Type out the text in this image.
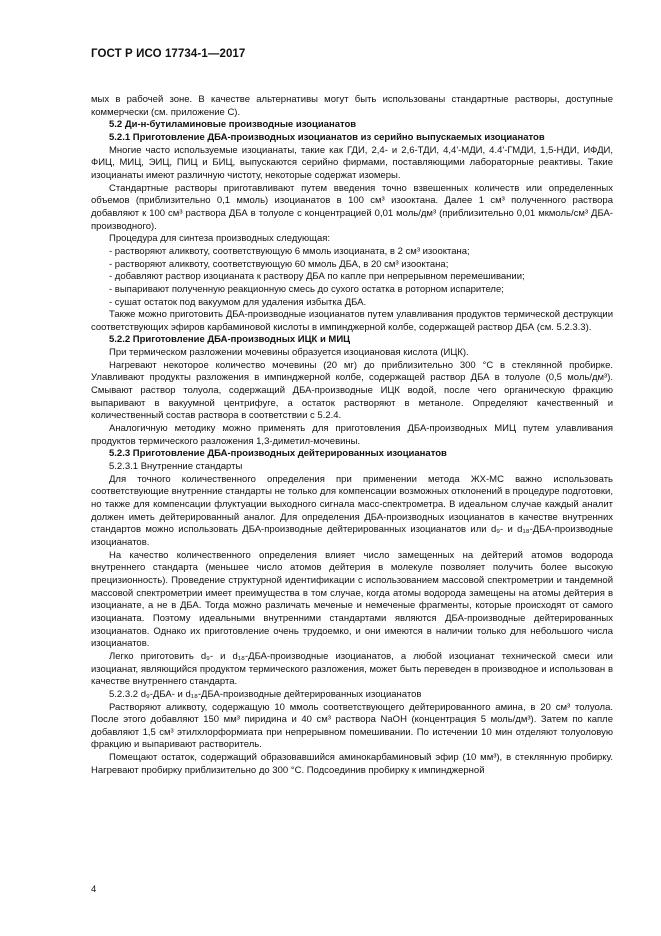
ГОСТ Р ИСО 17734-1—2017

мых в рабочей зоне. В качестве альтернативы могут быть использованы стандартные растворы, доступные коммерчески (см. приложение С).

5.2 Ди-н-бутиламиновые производные изоцианатов

5.2.1 Приготовление ДБА-производных изоцианатов из серийно выпускаемых изоцианатов

Многие часто используемые изоцианаты, такие как ГДИ, 2,4- и 2,6-ТДИ, 4,4'-МДИ, 4.4'-ГМДИ, 1,5-НДИ, ИФДИ, ФИЦ, МИЦ, ЭИЦ, ПИЦ и БИЦ, выпускаются серийно фирмами, поставляющими лабораторные реактивы. Такие изоцианаты имеют различную чистоту, некоторые содержат изомеры.

Стандартные растворы приготавливают путем введения точно взвешенных количеств или определенных объемов (приблизительно 0,1 ммоль) изоцианатов в 100 см³ изооктана. Далее 1 см³ полученного раствора добавляют к 100 см³ раствора ДБА в толуоле с концентрацией 0,01 моль/дм³ (приблизительно 0,01 мкмоль/см³ ДБА-производного).

Процедура для синтеза производных следующая:

- растворяют аликвоту, соответствующую 6 ммоль изоцианата, в 2 см³ изооктана;

- растворяют аликвоту, соответствующую 60 ммоль ДБА, в 20 см³ изооктана;

- добавляют раствор изоцианата к раствору ДБА по капле при непрерывном перемешивании;

- выпаривают полученную реакционную смесь до сухого остатка в роторном испарителе;

- сушат остаток под вакуумом для удаления избытка ДБА.

Также можно приготовить ДБА-производные изоцианатов путем улавливания продуктов термической деструкции соответствующих эфиров карбаминовой кислоты в импинджерной колбе, содержащей раствор ДБА (см. 5.2.3.3).

5.2.2 Приготовление ДБА-производных ИЦК и МИЦ

При термическом разложении мочевины образуется изоциановая кислота (ИЦК).

Нагревают некоторое количество мочевины (20 мг) до приблизительно 300 °С в стеклянной пробирке. Улавливают продукты разложения в импинджерной колбе, содержащей раствор ДБА в толуоле (0,5 моль/дм³). Смывают раствор толуола, содержащий ДБА-производные ИЦК водой, после чего органическую фракцию выпаривают в вакуумной центрифуге, а остаток растворяют в метаноле. Определяют качественный и количественный состав раствора в соответствии с 5.2.4.

Аналогичную методику можно применять для приготовления ДБА-производных МИЦ путем улавливания продуктов термического разложения 1,3-диметил-мочевины.

5.2.3 Приготовление ДБА-производных дейтерированных изоцианатов

5.2.3.1 Внутренние стандарты

Для точного количественного определения при применении метода ЖХ-МС важно использовать соответствующие внутренние стандарты не только для компенсации возможных отклонений в процедуре подготовки, но также для компенсации флуктуации выходного сигнала масс-спектрометра. В идеальном случае каждый аналит должен иметь дейтерированный аналог. Для определения ДБА-производных изоцианатов в качестве внутренних стандартов можно использовать ДБА-производные дейтерированных изоцианатов или d₉- и d₁₈-ДБА-производные изоцианатов.

На качество количественного определения влияет число замещенных на дейтерий атомов водорода внутреннего стандарта (меньшее число атомов дейтерия в молекуле позволяет получить более высокую прецизионность). Проведение структурной идентификации с использованием массовой спектрометрии и тандемной массовой спектрометрии имеет преимущества в том случае, когда атомы водорода замещены на атомы дейтерия в изоцианате, а не в ДБА. Тогда можно различать меченые и немеченые фрагменты, которые происходят от самого изоцианата. Поэтому идеальными внутренними стандартами являются ДБА-производные дейтерированных изоцианатов. Однако их приготовление очень трудоемко, и они имеются в наличии только для небольшого числа изоцианатов.

Легко приготовить d₉- и d₁₈-ДБА-производные изоцианатов, а любой изоцианат технической смеси или изоцианат, являющийся продуктом термического разложения, может быть переведен в производное и использован в качестве внутреннего стандарта.

5.2.3.2 d₉-ДБА- и d₁₈-ДБА-производные дейтерированных изоцианатов

Растворяют аликвоту, содержащую 10 ммоль соответствующего дейтерированного амина, в 20 см³ толуола. После этого добавляют 150 мм³ пиридина и 40 см³ раствора NaOH (концентрация 5 моль/дм³). Затем по капле добавляют 1,5 см³ этилхлорформиата при непрерывном помешивании. По истечении 10 мин отделяют толуоловую фракцию и выпаривают растворитель.

Помещают остаток, содержащий образовавшийся аминокарбаминовый эфир (10 мм³), в стеклянную пробирку. Нагревают пробирку приблизительно до 300 °С. Подсоединив пробирку к импинджерной

4
